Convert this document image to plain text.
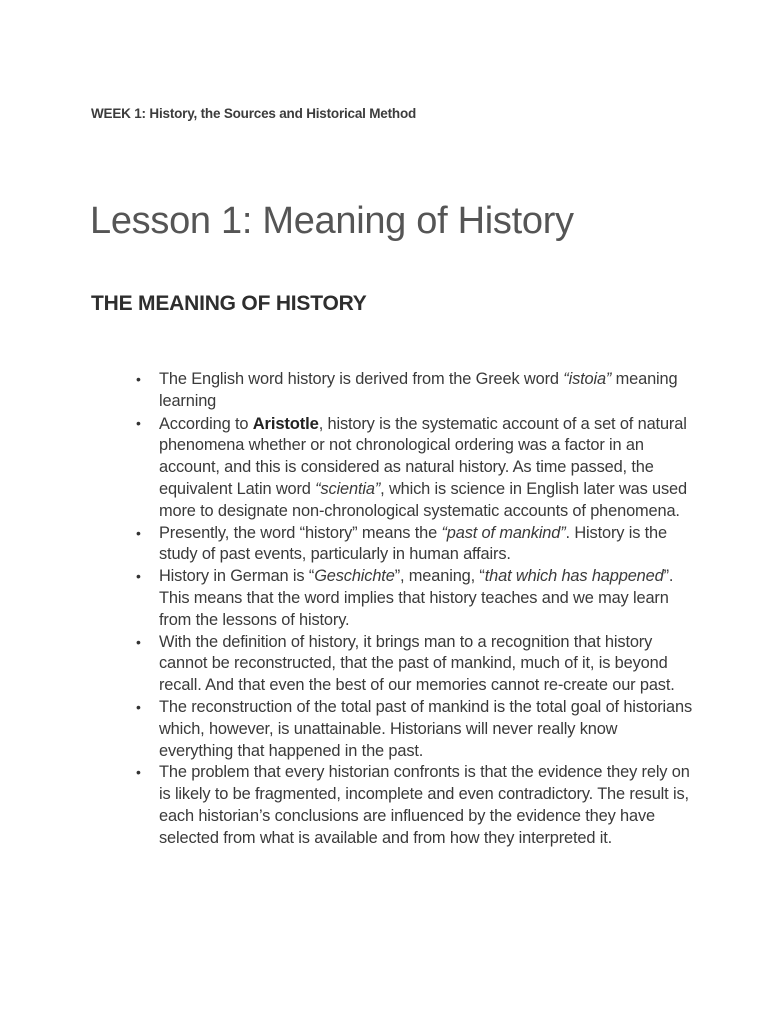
WEEK 1: History, the Sources and Historical Method
Lesson 1: Meaning of History
THE MEANING OF HISTORY
• The English word history is derived from the Greek word “istoia” meaning learning
• According to Aristotle, history is the systematic account of a set of natural phenomena whether or not chronological ordering was a factor in an account, and this is considered as natural history. As time passed, the equivalent Latin word “scientia”, which is science in English later was used more to designate non-chronological systematic accounts of phenomena.
• Presently, the word “history” means the “past of mankind”. History is the study of past events, particularly in human affairs.
• History in German is “Geschichte”, meaning, “that which has happened”. This means that the word implies that history teaches and we may learn from the lessons of history.
• With the definition of history, it brings man to a recognition that history cannot be reconstructed, that the past of mankind, much of it, is beyond recall. And that even the best of our memories cannot re-create our past.
• The reconstruction of the total past of mankind is the total goal of historians which, however, is unattainable. Historians will never really know everything that happened in the past.
• The problem that every historian confronts is that the evidence they rely on is likely to be fragmented, incomplete and even contradictory. The result is, each historian’s conclusions are influenced by the evidence they have selected from what is available and from how they interpreted it.
